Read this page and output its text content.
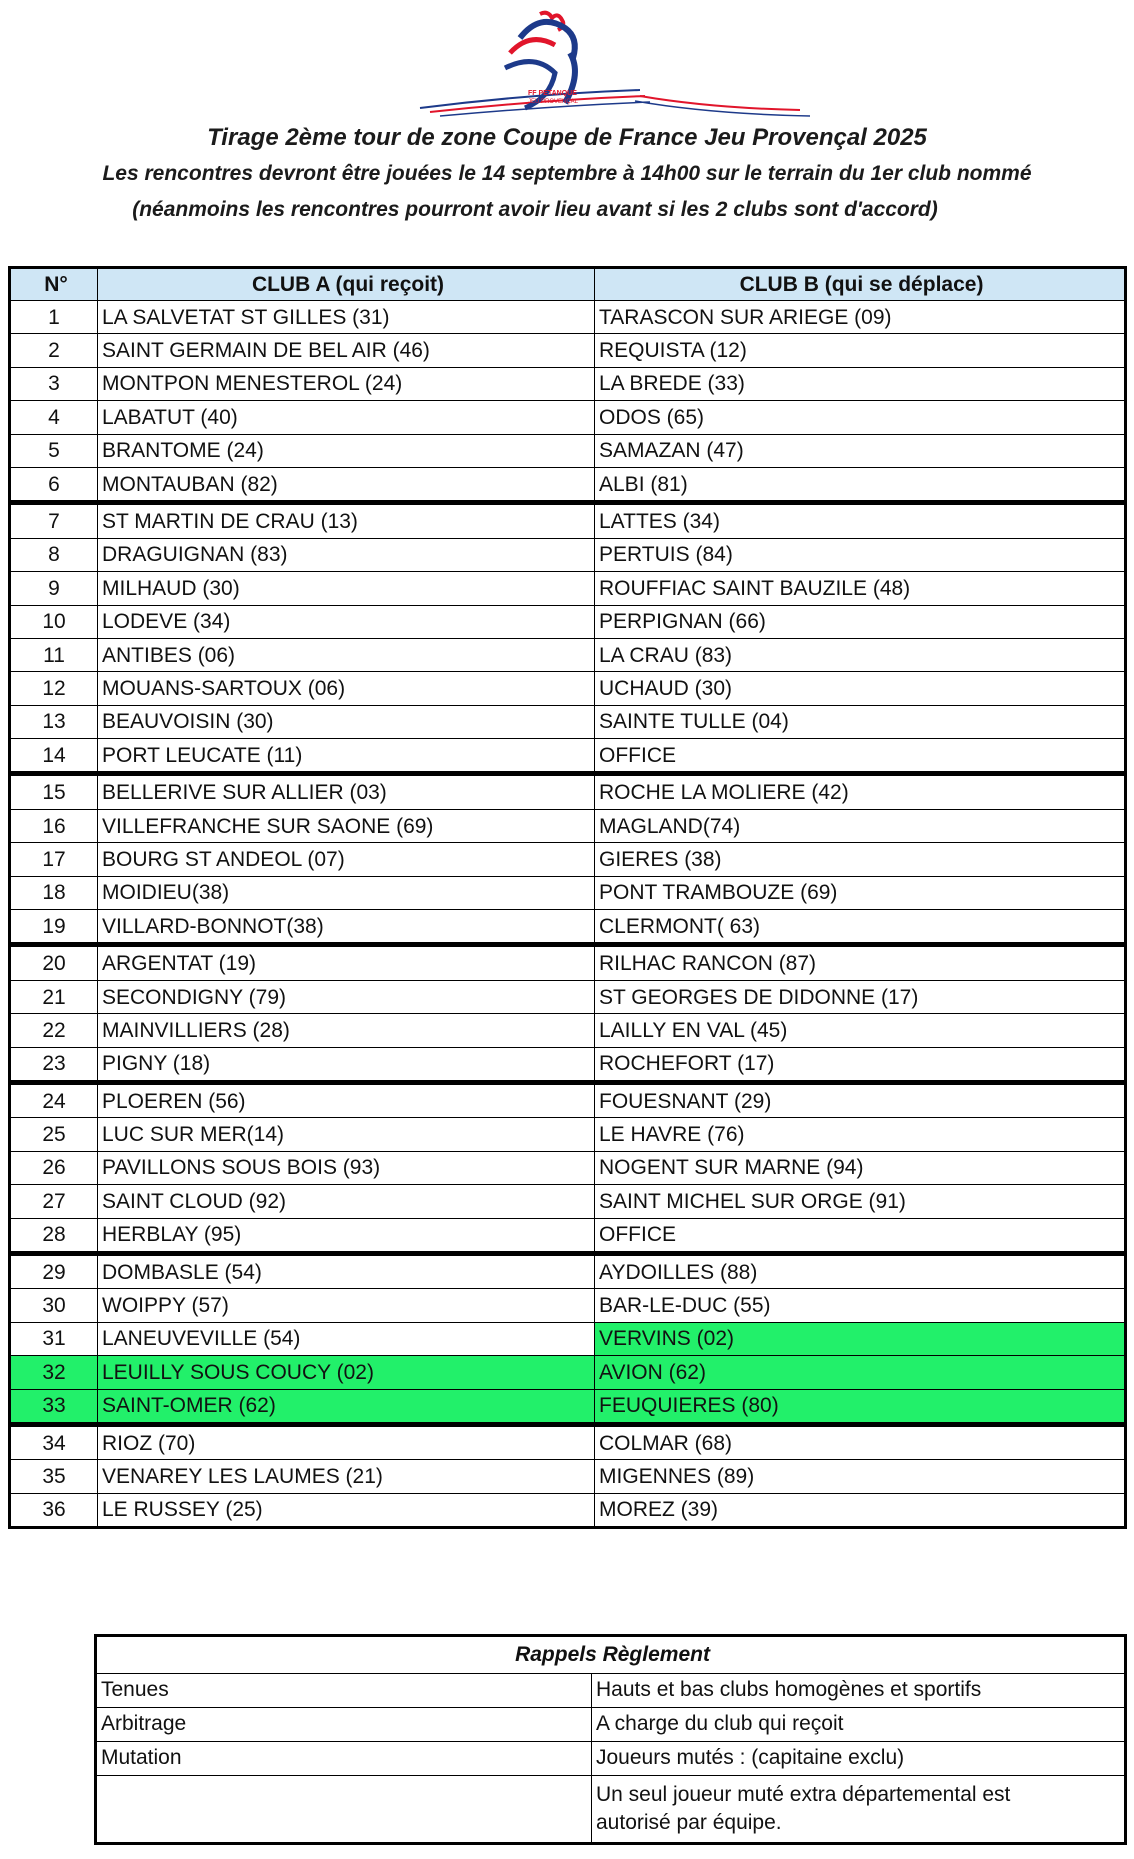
FF PETANQUE
JEU PROVENÇAL
Tirage 2ème tour de zone Coupe de France Jeu Provençal 2025
Les rencontres devront être jouées le 14 septembre à 14h00 sur le terrain du 1er club nommé
(néanmoins les rencontres pourront avoir lieu avant si les 2 clubs sont d'accord)
N°	CLUB A (qui reçoit)	CLUB B (qui se déplace)
1	LA SALVETAT ST GILLES (31)	TARASCON SUR ARIEGE (09)
2	SAINT GERMAIN DE BEL AIR (46)	REQUISTA (12)
3	MONTPON MENESTEROL (24)	LA BREDE (33)
4	LABATUT (40)	ODOS (65)
5	BRANTOME (24)	SAMAZAN (47)
6	MONTAUBAN (82)	ALBI (81)
7	ST MARTIN DE CRAU (13)	LATTES (34)
8	DRAGUIGNAN (83)	PERTUIS (84)
9	MILHAUD (30)	ROUFFIAC SAINT BAUZILE (48)
10	LODEVE (34)	PERPIGNAN (66)
11	ANTIBES (06)	LA CRAU (83)
12	MOUANS-SARTOUX (06)	UCHAUD (30)
13	BEAUVOISIN (30)	SAINTE TULLE (04)
14	PORT LEUCATE (11)	OFFICE
15	BELLERIVE SUR ALLIER (03)	ROCHE LA MOLIERE (42)
16	VILLEFRANCHE SUR SAONE (69)	MAGLAND(74)
17	BOURG ST ANDEOL (07)	GIERES (38)
18	MOIDIEU(38)	PONT TRAMBOUZE (69)
19	VILLARD-BONNOT(38)	CLERMONT( 63)
20	ARGENTAT (19)	RILHAC RANCON (87)
21	SECONDIGNY (79)	ST GEORGES DE DIDONNE (17)
22	MAINVILLIERS (28)	LAILLY EN VAL (45)
23	PIGNY (18)	ROCHEFORT (17)
24	PLOEREN (56)	FOUESNANT (29)
25	LUC SUR MER(14)	LE HAVRE (76)
26	PAVILLONS SOUS BOIS (93)	NOGENT SUR MARNE (94)
27	SAINT CLOUD (92)	SAINT MICHEL SUR ORGE (91)
28	HERBLAY (95)	OFFICE
29	DOMBASLE (54)	AYDOILLES (88)
30	WOIPPY (57)	BAR-LE-DUC (55)
31	LANEUVEVILLE (54)	VERVINS (02)
32	LEUILLY SOUS COUCY (02)	AVION (62)
33	SAINT-OMER (62)	FEUQUIERES (80)
34	RIOZ (70)	COLMAR (68)
35	VENAREY LES LAUMES (21)	MIGENNES (89)
36	LE RUSSEY (25)	MOREZ (39)
Rappels Règlement	
Tenues	Hauts et bas clubs homogènes et sportifs
Arbitrage	A charge du club qui reçoit
Mutation	Joueurs mutés : (capitaine exclu)
	Un seul joueur muté extra départemental est autorisé par équipe.
